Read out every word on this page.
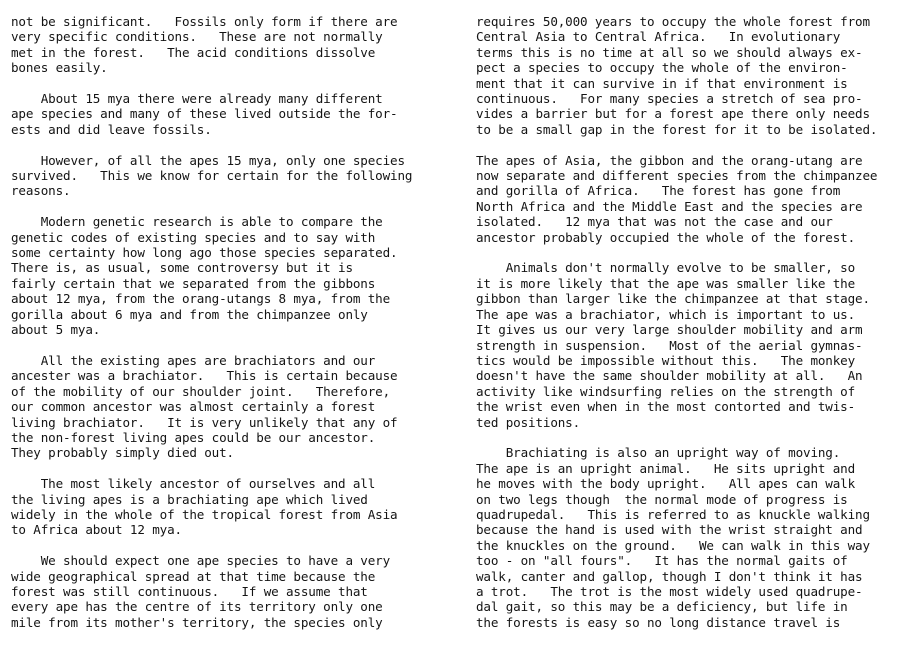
not be significant.   Fossils only form if there are
very specific conditions.   These are not normally
met in the forest.   The acid conditions dissolve
bones easily.

About 15 mya there were already many different
ape species and many of these lived outside the for-
ests and did leave fossils.

However, of all the apes 15 mya, only one species
survived.   This we know for certain for the following
reasons.

Modern genetic research is able to compare the
genetic codes of existing species and to say with
some certainty how long ago those species separated.
There is, as usual, some controversy but it is
fairly certain that we separated from the gibbons
about 12 mya, from the orang-utangs 8 mya, from the
gorilla about 6 mya and from the chimpanzee only
about 5 mya.

All the existing apes are brachiators and our
ancester was a brachiator.   This is certain because
of the mobility of our shoulder joint.   Therefore,
our common ancestor was almost certainly a forest
living brachiator.   It is very unlikely that any of
the non-forest living apes could be our ancestor.
They probably simply died out.

The most likely ancestor of ourselves and all
the living apes is a brachiating ape which lived
widely in the whole of the tropical forest from Asia
to Africa about 12 mya.

We should expect one ape species to have a very
wide geographical spread at that time because the
forest was still continuous.   If we assume that
every ape has the centre of its territory only one
mile from its mother's territory, the species only

requires 50,000 years to occupy the whole forest from
Central Asia to Central Africa.   In evolutionary
terms this is no time at all so we should always ex-
pect a species to occupy the whole of the environ-
ment that it can survive in if that environment is
continuous.   For many species a stretch of sea pro-
vides a barrier but for a forest ape there only needs
to be a small gap in the forest for it to be isolated.

The apes of Asia, the gibbon and the orang-utang are
now separate and different species from the chimpanzee
and gorilla of Africa.   The forest has gone from
North Africa and the Middle East and the species are
isolated.   12 mya that was not the case and our
ancestor probably occupied the whole of the forest.

Animals don't normally evolve to be smaller, so
it is more likely that the ape was smaller like the
gibbon than larger like the chimpanzee at that stage.
The ape was a brachiator, which is important to us.
It gives us our very large shoulder mobility and arm
strength in suspension.   Most of the aerial gymnas-
tics would be impossible without this.   The monkey
doesn't have the same shoulder mobility at all.   An
activity like windsurfing relies on the strength of
the wrist even when in the most contorted and twis-
ted positions.

Brachiating is also an upright way of moving.
The ape is an upright animal.   He sits upright and
he moves with the body upright.   All apes can walk
on two legs though  the normal mode of progress is
quadrupedal.   This is referred to as knuckle walking
because the hand is used with the wrist straight and
the knuckles on the ground.   We can walk in this way
too - on "all fours".   It has the normal gaits of
walk, canter and gallop, though I don't think it has
a trot.   The trot is the most widely used quadrupe-
dal gait, so this may be a deficiency, but life in
the forests is easy so no long distance travel is
